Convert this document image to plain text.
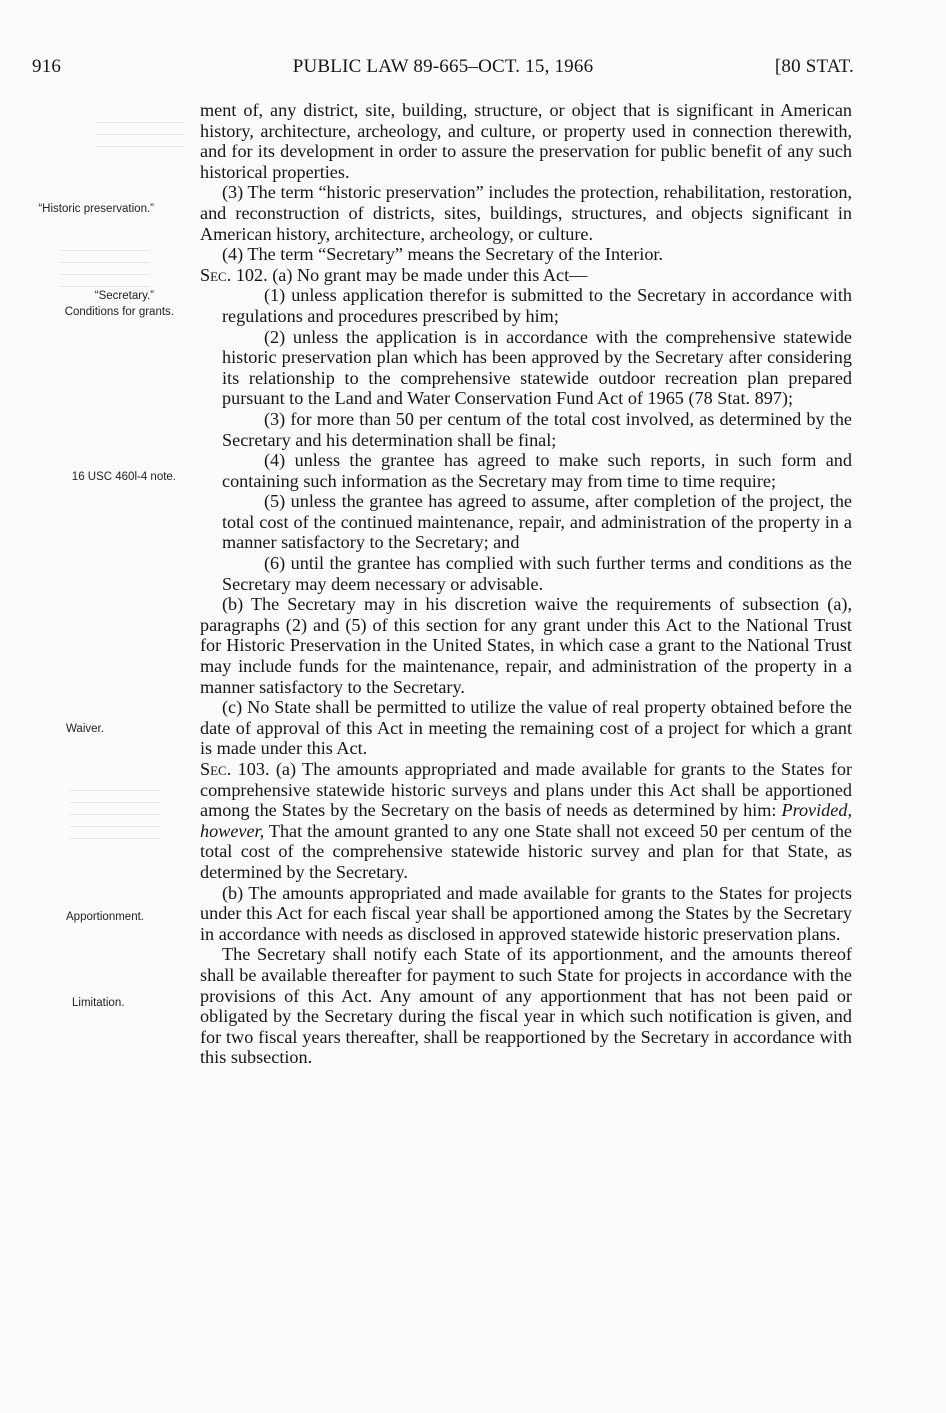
916	PUBLIC LAW 89-665–OCT. 15, 1966	[80 STAT.
“Historic preservation.”
“Secretary.”
Conditions for grants.
16 USC 460l-4 note.
Waiver.
Apportionment.
Limitation.

ment of, any district, site, building, structure, or object that is significant in American history, architecture, archeology, and culture, or property used in connection therewith, and for its development in order to assure the preservation for public benefit of any such historical properties.

(3) The term “historic preservation” includes the protection, rehabilitation, restoration, and reconstruction of districts, sites, buildings, structures, and objects significant in American history, architecture, archeology, or culture.

(4) The term “Secretary” means the Secretary of the Interior.

Sec. 102. (a) No grant may be made under this Act—

(1) unless application therefor is submitted to the Secretary in accordance with regulations and procedures prescribed by him;

(2) unless the application is in accordance with the comprehensive statewide historic preservation plan which has been approved by the Secretary after considering its relationship to the comprehensive statewide outdoor recreation plan prepared pursuant to the Land and Water Conservation Fund Act of 1965 (78 Stat. 897);

(3) for more than 50 per centum of the total cost involved, as determined by the Secretary and his determination shall be final;

(4) unless the grantee has agreed to make such reports, in such form and containing such information as the Secretary may from time to time require;

(5) unless the grantee has agreed to assume, after completion of the project, the total cost of the continued maintenance, repair, and administration of the property in a manner satisfactory to the Secretary; and

(6) until the grantee has complied with such further terms and conditions as the Secretary may deem necessary or advisable.

(b) The Secretary may in his discretion waive the requirements of subsection (a), paragraphs (2) and (5) of this section for any grant under this Act to the National Trust for Historic Preservation in the United States, in which case a grant to the National Trust may include funds for the maintenance, repair, and administration of the property in a manner satisfactory to the Secretary.

(c) No State shall be permitted to utilize the value of real property obtained before the date of approval of this Act in meeting the remaining cost of a project for which a grant is made under this Act.

Sec. 103. (a) The amounts appropriated and made available for grants to the States for comprehensive statewide historic surveys and plans under this Act shall be apportioned among the States by the Secretary on the basis of needs as determined by him: Provided, however, That the amount granted to any one State shall not exceed 50 per centum of the total cost of the comprehensive statewide historic survey and plan for that State, as determined by the Secretary.

(b) The amounts appropriated and made available for grants to the States for projects under this Act for each fiscal year shall be apportioned among the States by the Secretary in accordance with needs as disclosed in approved statewide historic preservation plans.

The Secretary shall notify each State of its apportionment, and the amounts thereof shall be available thereafter for payment to such State for projects in accordance with the provisions of this Act. Any amount of any apportionment that has not been paid or obligated by the Secretary during the fiscal year in which such notification is given, and for two fiscal years thereafter, shall be reapportioned by the Secretary in accordance with this subsection.
